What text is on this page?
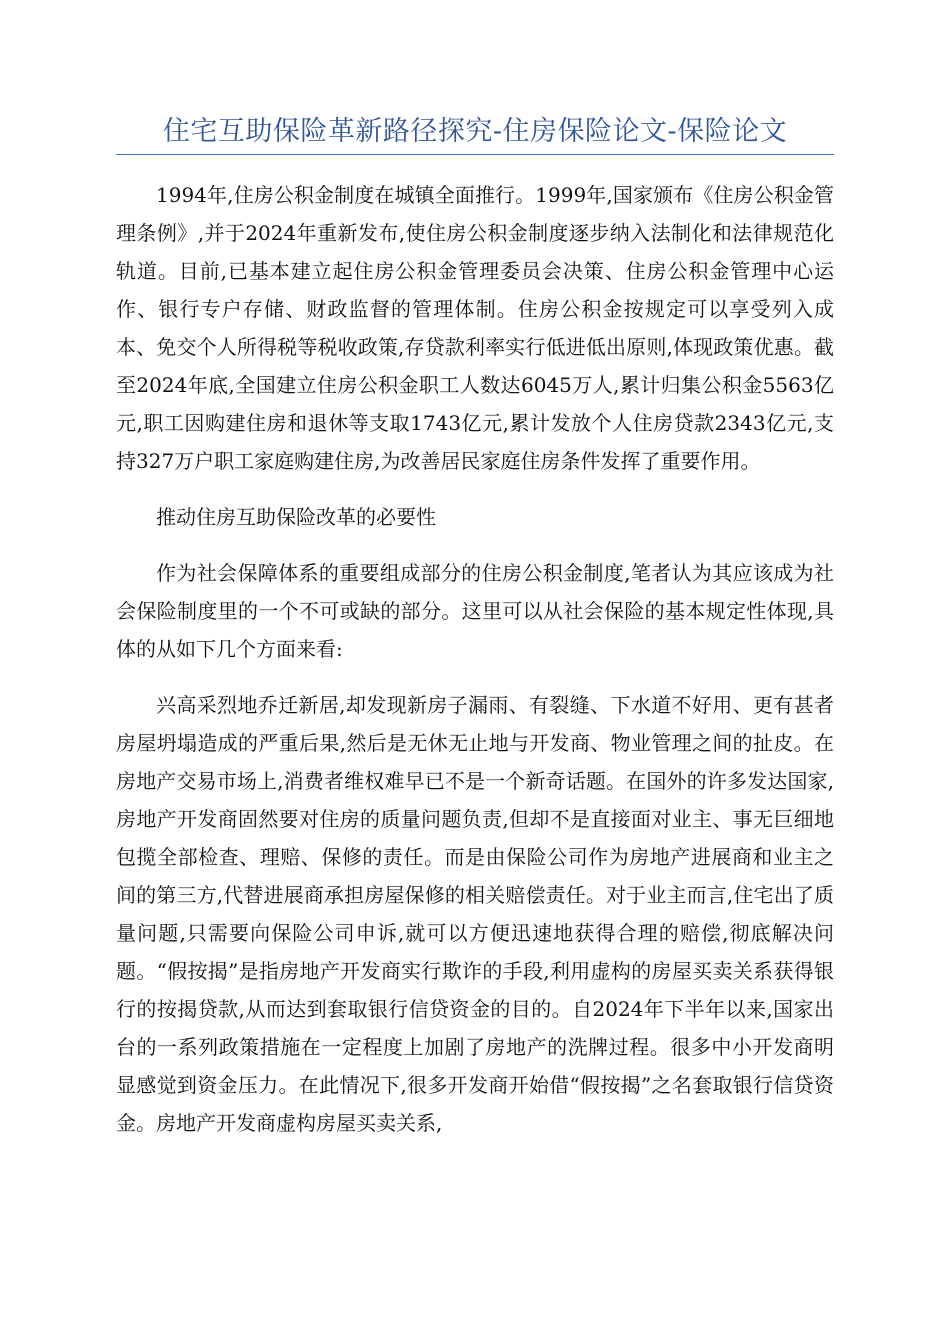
住宅互助保险革新路径探究-住房保险论文-保险论文

1994年,住房公积金制度在城镇全面推行。1999年,国家颁布《住房公积金管理条例》,并于2024年重新发布,使住房公积金制度逐步纳入法制化和法律规范化轨道。目前,已基本建立起住房公积金管理委员会决策、住房公积金管理中心运作、银行专户存储、财政监督的管理体制。住房公积金按规定可以享受列入成本、免交个人所得税等税收政策,存贷款利率实行低进低出原则,体现政策优惠。截至2024年底,全国建立住房公积金职工人数达6045万人,累计归集公积金5563亿元,职工因购建住房和退休等支取1743亿元,累计发放个人住房贷款2343亿元,支持327万户职工家庭购建住房,为改善居民家庭住房条件发挥了重要作用。

推动住房互助保险改革的必要性

作为社会保障体系的重要组成部分的住房公积金制度,笔者认为其应该成为社会保险制度里的一个不可或缺的部分。这里可以从社会保险的基本规定性体现,具体的从如下几个方面来看:

兴高采烈地乔迁新居,却发现新房子漏雨、有裂缝、下水道不好用、更有甚者房屋坍塌造成的严重后果,然后是无休无止地与开发商、物业管理之间的扯皮。在房地产交易市场上,消费者维权难早已不是一个新奇话题。在国外的许多发达国家,房地产开发商固然要对住房的质量问题负责,但却不是直接面对业主、事无巨细地包揽全部检查、理赔、保修的责任。而是由保险公司作为房地产进展商和业主之间的第三方,代替进展商承担房屋保修的相关赔偿责任。对于业主而言,住宅出了质量问题,只需要向保险公司申诉,就可以方便迅速地获得合理的赔偿,彻底解决问题。“假按揭”是指房地产开发商实行欺诈的手段,利用虚构的房屋买卖关系获得银行的按揭贷款,从而达到套取银行信贷资金的目的。自2024年下半年以来,国家出台的一系列政策措施在一定程度上加剧了房地产的洗牌过程。很多中小开发商明显感觉到资金压力。在此情况下,很多开发商开始借“假按揭”之名套取银行信贷资金。房地产开发商虚构房屋买卖关系,
